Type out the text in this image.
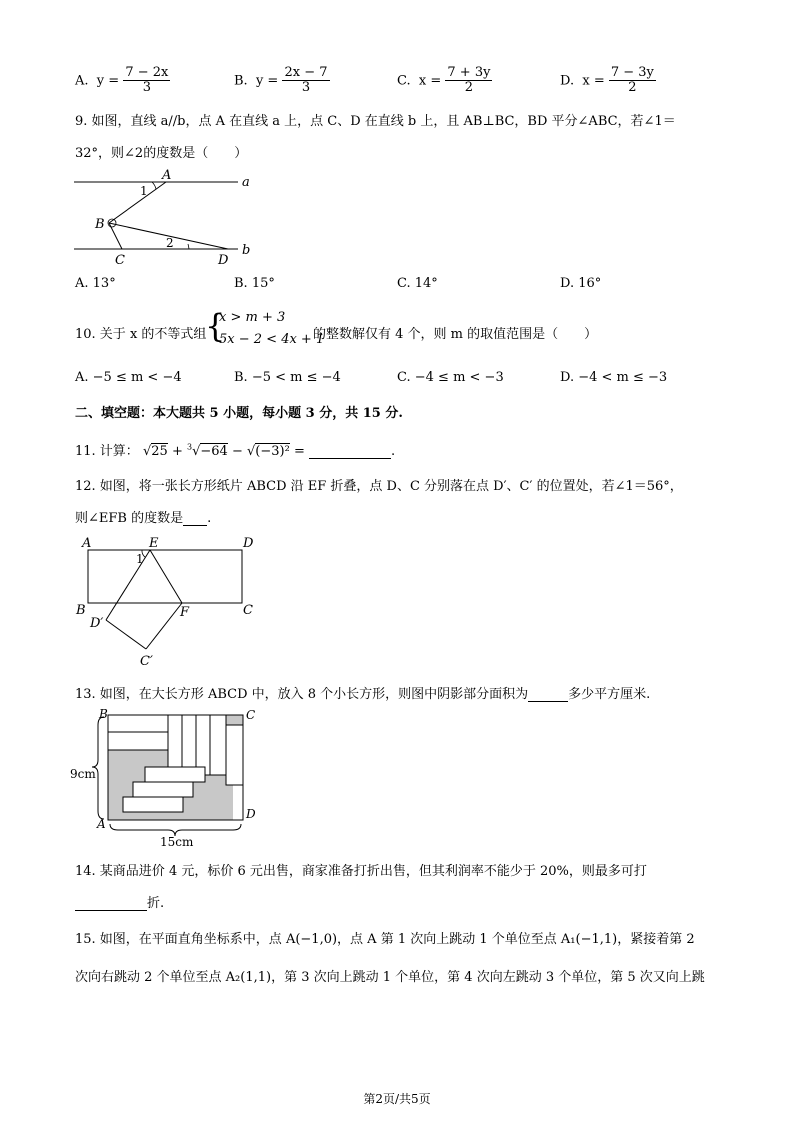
A. $y = \frac{7 - 2x}{3}$	B. $y = \frac{2x - 7}{3}$	C. $x = \frac{7 + 3y}{2}$	D. $x = \frac{7 - 3y}{2}$
9. 如图，直线 a//b，点 A 在直线 a 上，点 C、D 在直线 b 上，且 AB⊥BC，BD 平分∠ABC，若∠1＝
32°，则∠2的度数是（　　）
A	a
1
B
2
C	D
b
A. 13°	B. 15°	C. 14°	D. 16°
10. 关于 x 的不等式组
{
x > m + 3
5x − 2 < 4x + 1
的整数解仅有 4 个，则 m 的取值范围是（　　）
A. −5 ≤ m < −4	B. −5 < m ≤ −4	C. −4 ≤ m < −3	D. −4 < m ≤ −3
二、填空题：本大题共 5 小题，每小题 3 分，共 15 分.
11. 计算： √25 + $^3$√−64 − √(−3)² =	.
12. 如图，将一张长方形纸片 ABCD 沿 EF 折叠，点 D、C 分别落在点 D′、C′ 的位置处，若∠1＝56°，
则∠EFB 的度数是 .
A	E	D
1
B	F	C
D′
C′
13. 如图，在大长方形 ABCD 中，放入 8 个小长方形，则图中阴影部分面积为	多少平方厘米.
B	C
A
D
9cm
15cm
14. 某商品进价 4 元，标价 6 元出售，商家准备打折出售，但其利润率不能少于 20%，则最多可打
折.
15. 如图，在平面直角坐标系中，点 A(−1,0)，点 A 第 1 次向上跳动 1 个单位至点 A₁(−1,1)，紧接着第 2
次向右跳动 2 个单位至点 A₂(1,1)，第 3 次向上跳动 1 个单位，第 4 次向左跳动 3 个单位，第 5 次又向上跳
第2页/共5页
